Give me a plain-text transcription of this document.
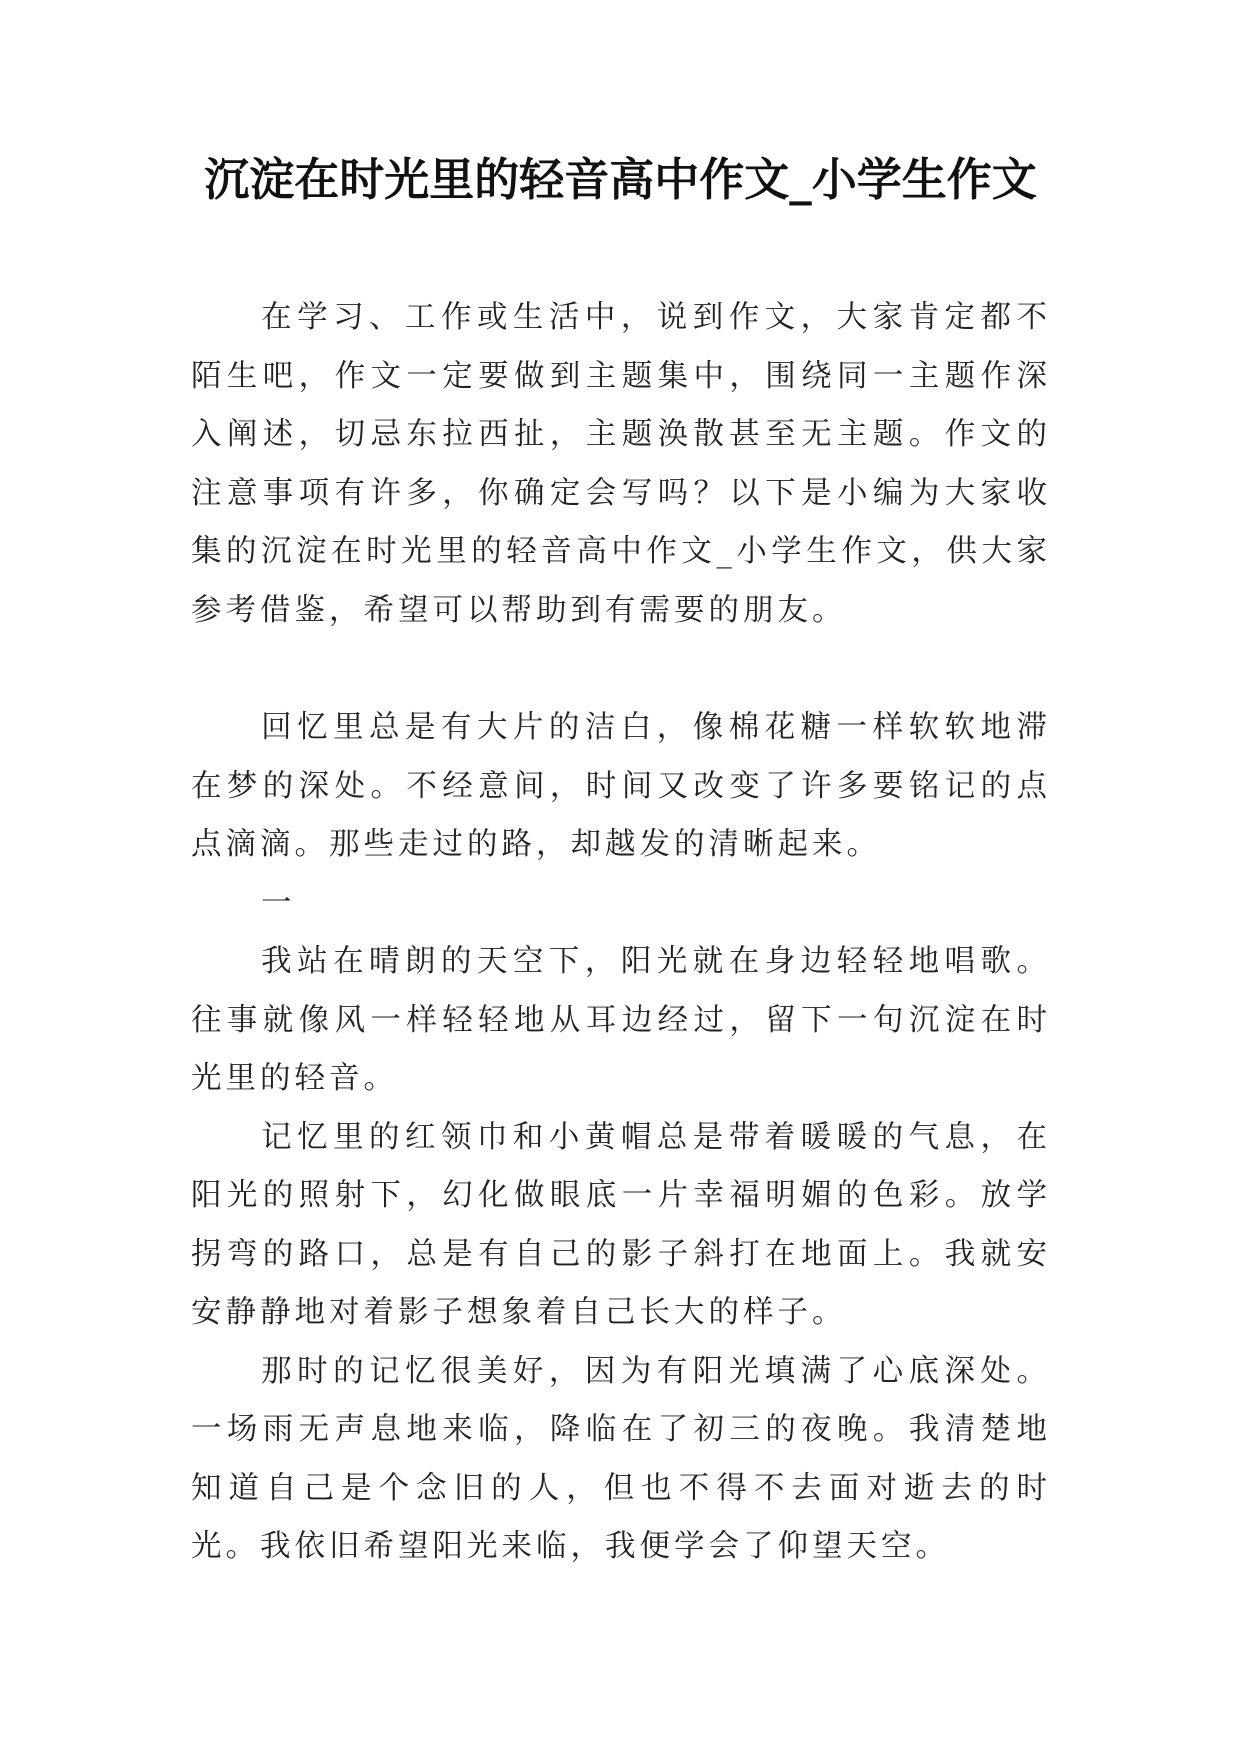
沉淀在时光里的轻音高中作文_小学生作文

在学习、工作或生活中，说到作文，大家肯定都不陌生吧，作文一定要做到主题集中，围绕同一主题作深入阐述，切忌东拉西扯，主题涣散甚至无主题。作文的注意事项有许多，你确定会写吗？以下是小编为大家收集的沉淀在时光里的轻音高中作文_小学生作文，供大家参考借鉴，希望可以帮助到有需要的朋友。

回忆里总是有大片的洁白，像棉花糖一样软软地滞在梦的深处。不经意间，时间又改变了许多要铭记的点点滴滴。那些走过的路，却越发的清晰起来。

一

我站在晴朗的天空下，阳光就在身边轻轻地唱歌。往事就像风一样轻轻地从耳边经过，留下一句沉淀在时光里的轻音。

记忆里的红领巾和小黄帽总是带着暖暖的气息，在阳光的照射下，幻化做眼底一片幸福明媚的色彩。放学拐弯的路口，总是有自己的影子斜打在地面上。我就安安静静地对着影子想象着自己长大的样子。

那时的记忆很美好，因为有阳光填满了心底深处。一场雨无声息地来临，降临在了初三的夜晚。我清楚地知道自己是个念旧的人，但也不得不去面对逝去的时光。我依旧希望阳光来临，我便学会了仰望天空。
